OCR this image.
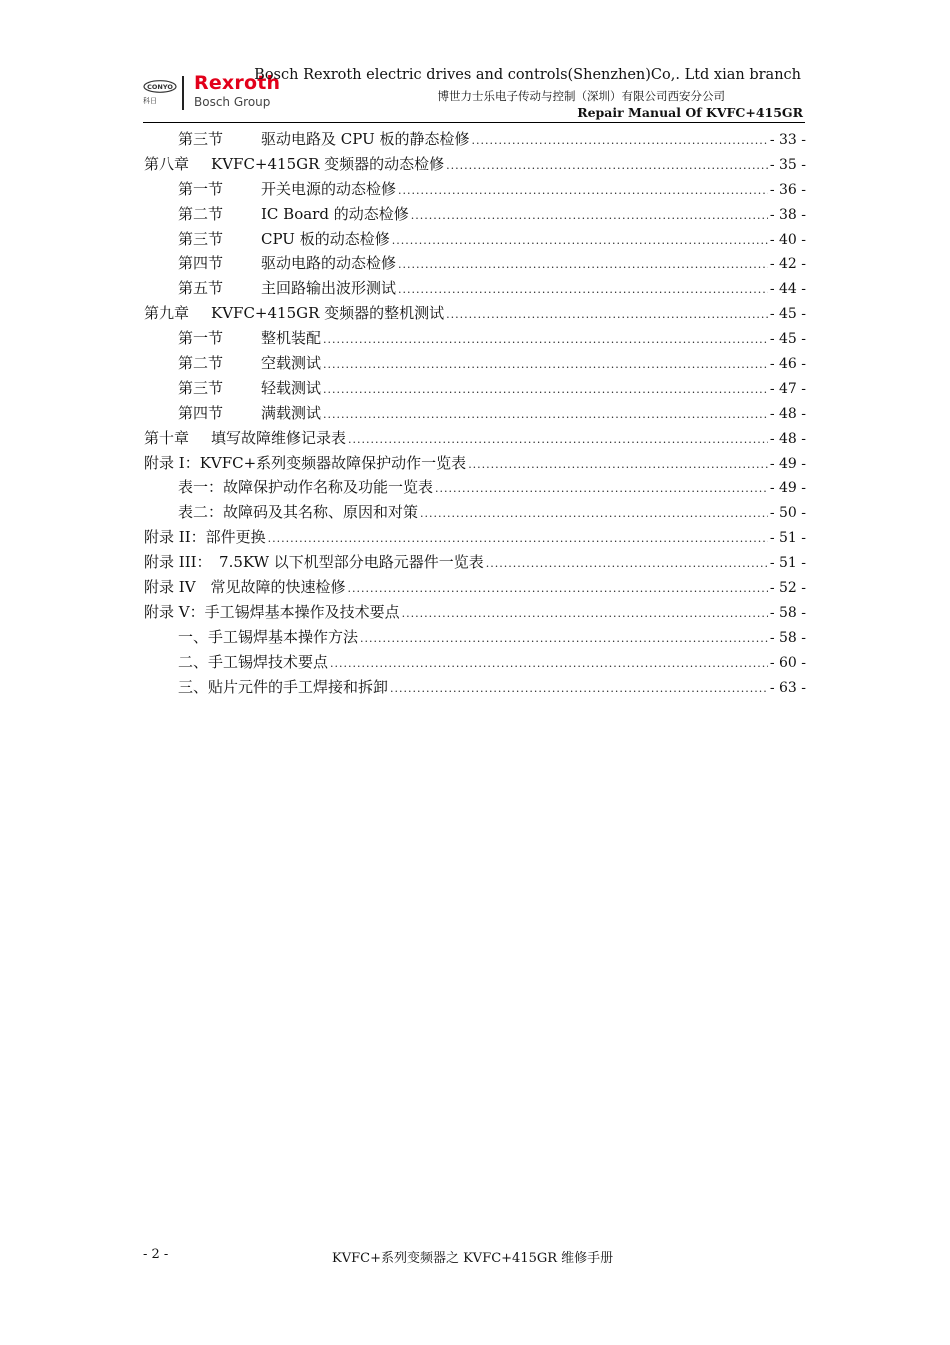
CONYO
科日
Rexroth
Bosch Group
Bosch Rexroth electric drives and controls(Shenzhen)Co,. Ltd xian branch
博世力士乐电子传动与控制（深圳）有限公司西安分公司
Repair Manual Of KVFC+415GR
第三节	驱动电路及 CPU 板的静态检修 .....	- 33 -
第八章	KVFC+415GR 变频器的动态检修 .....	- 35 -
第一节	开关电源的动态检修 .....	- 36 -
第二节	IC Board 的动态检修 .....	- 38 -
第三节	CPU 板的动态检修 .....	- 40 -
第四节	驱动电路的动态检修 .....	- 42 -
第五节	主回路输出波形测试 .....	- 44 -
第九章	KVFC+415GR 变频器的整机测试 .....	- 45 -
第一节	整机装配 .....	- 45 -
第二节	空载测试 .....	- 46 -
第三节	轻载测试 .....	- 47 -
第四节	满载测试 .....	- 48 -
第十章	填写故障维修记录表 .....	- 48 -
附录 I：KVFC+系列变频器故障保护动作一览表 .....	- 49 -
表一：故障保护动作名称及功能一览表 .....	- 49 -
表二：故障码及其名称、原因和对策 .....	- 50 -
附录 II：部件更换 .....	- 51 -
附录 III：　7.5KW 以下机型部分电路元器件一览表 .....	- 51 -
附录 IV　常见故障的快速检修 .....	- 52 -
附录 V：手工锡焊基本操作及技术要点 .....	- 58 -
一、手工锡焊基本操作方法 .....	- 58 -
二、手工锡焊技术要点 .....	- 60 -
三、贴片元件的手工焊接和拆卸 .....	- 63 -
- 2 -	KVFC+系列变频器之 KVFC+415GR 维修手册
